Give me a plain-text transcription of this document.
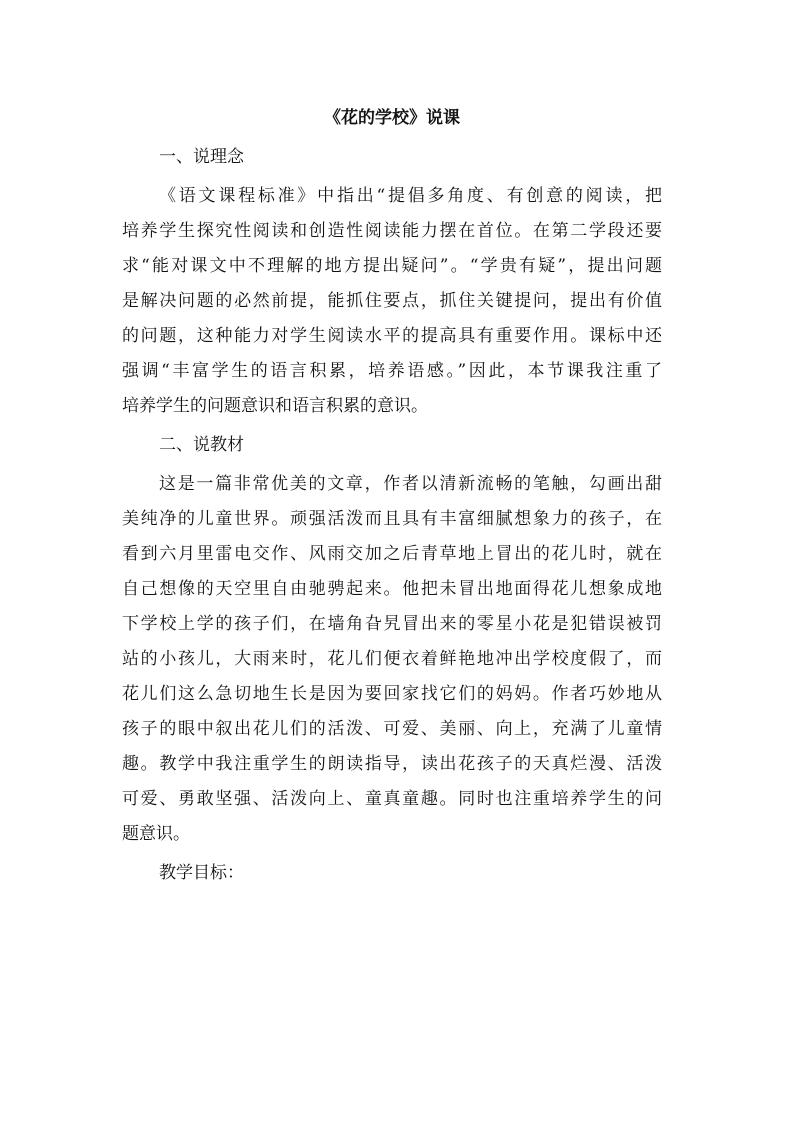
《花的学校》说课
一、说理念
《语文课程标准》中指出“提倡多角度、有创意的阅读，把
培养学生探究性阅读和创造性阅读能力摆在首位。在第二学段还要
求“能对课文中不理解的地方提出疑问”。“学贵有疑”，提出问题
是解决问题的必然前提，能抓住要点，抓住关键提问，提出有价值
的问题，这种能力对学生阅读水平的提高具有重要作用。课标中还
强调“丰富学生的语言积累，培养语感。”因此，本节课我注重了
培养学生的问题意识和语言积累的意识。
二、说教材
这是一篇非常优美的文章，作者以清新流畅的笔触，勾画出甜
美纯净的儿童世界。顽强活泼而且具有丰富细腻想象力的孩子，在
看到六月里雷电交作、风雨交加之后青草地上冒出的花儿时，就在
自己想像的天空里自由驰骋起来。他把未冒出地面得花儿想象成地
下学校上学的孩子们，在墙角旮旯冒出来的零星小花是犯错误被罚
站的小孩儿，大雨来时，花儿们便衣着鲜艳地冲出学校度假了，而
花儿们这么急切地生长是因为要回家找它们的妈妈。作者巧妙地从
孩子的眼中叙出花儿们的活泼、可爱、美丽、向上，充满了儿童情
趣。教学中我注重学生的朗读指导，读出花孩子的天真烂漫、活泼
可爱、勇敢坚强、活泼向上、童真童趣。同时也注重培养学生的问
题意识。
教学目标：
